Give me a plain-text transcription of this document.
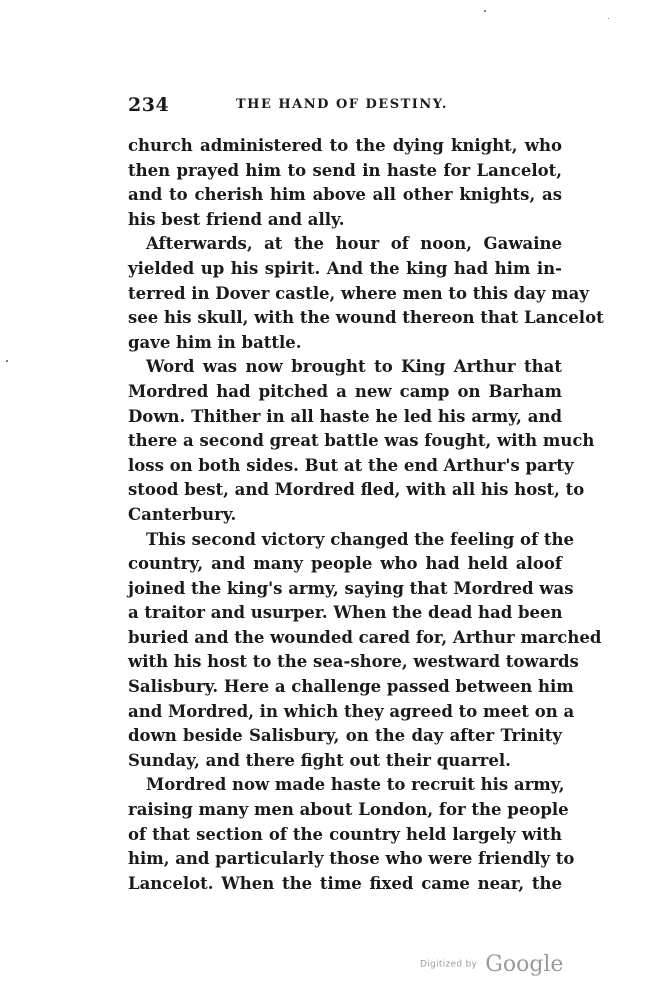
234	THE HAND OF DESTINY.
church administered to the dying knight, who
then prayed him to send in haste for Lancelot,
and to cherish him above all other knights, as
his best friend and ally.
Afterwards, at the hour of noon, Gawaine
yielded up his spirit. And the king had him in-
terred in Dover castle, where men to this day may
see his skull, with the wound thereon that Lancelot
gave him in battle.
Word was now brought to King Arthur that
Mordred had pitched a new camp on Barham
Down. Thither in all haste he led his army, and
there a second great battle was fought, with much
loss on both sides. But at the end Arthur's party
stood best, and Mordred fled, with all his host, to
Canterbury.
This second victory changed the feeling of the
country, and many people who had held aloof
joined the king's army, saying that Mordred was
a traitor and usurper. When the dead had been
buried and the wounded cared for, Arthur marched
with his host to the sea-shore, westward towards
Salisbury. Here a challenge passed between him
and Mordred, in which they agreed to meet on a
down beside Salisbury, on the day after Trinity
Sunday, and there fight out their quarrel.
Mordred now made haste to recruit his army,
raising many men about London, for the people
of that section of the country held largely with
him, and particularly those who were friendly to
Lancelot. When the time fixed came near, the
Digitized by Google
